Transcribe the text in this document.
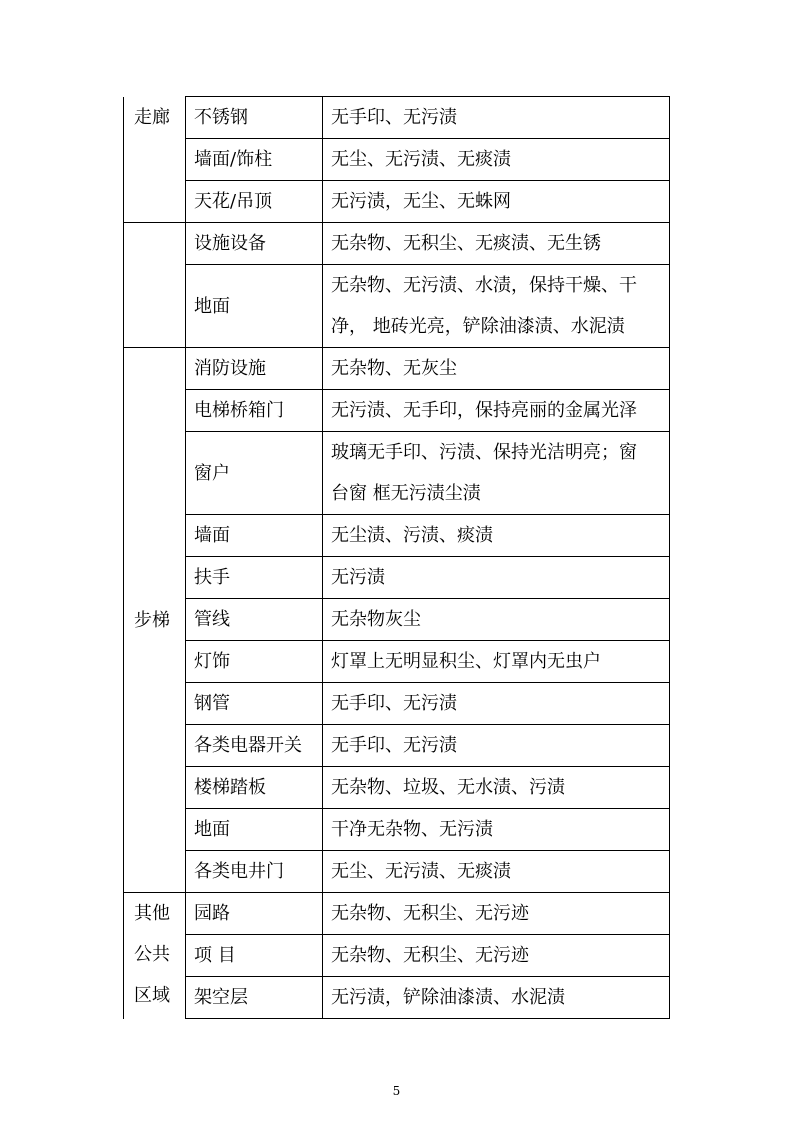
走廊	不锈钢	无手印、无污渍
	墙面/饰柱	无尘、无污渍、无痰渍
	天花/吊顶	无污渍，无尘、无蛛网
	设施设备	无杂物、无积尘、无痰渍、无生锈
	地面	无杂物、无污渍、水渍，保持干燥、干
净， 地砖光亮，铲除油漆渍、水泥渍

步梯	消防设施	无杂物、无灰尘
	电梯桥箱门	无污渍、无手印，保持亮丽的金属光泽
	窗户	玻璃无手印、污渍、保持光洁明亮；窗
台窗 框无污渍尘渍

	墙面	无尘渍、污渍、痰渍
	扶手	无污渍
	管线	无杂物灰尘
	灯饰	灯罩上无明显积尘、灯罩内无虫户
	钢管	无手印、无污渍
	各类电器开关	无手印、无污渍
	楼梯踏板	无杂物、垃圾、无水渍、污渍
	地面	干净无杂物、无污渍
	各类电井门	无尘、无污渍、无痰渍

其他
公共
区域	园路	无杂物、无积尘、无污迹
	项 目	无杂物、无积尘、无污迹
	架空层	无污渍，铲除油漆渍、水泥渍
5
